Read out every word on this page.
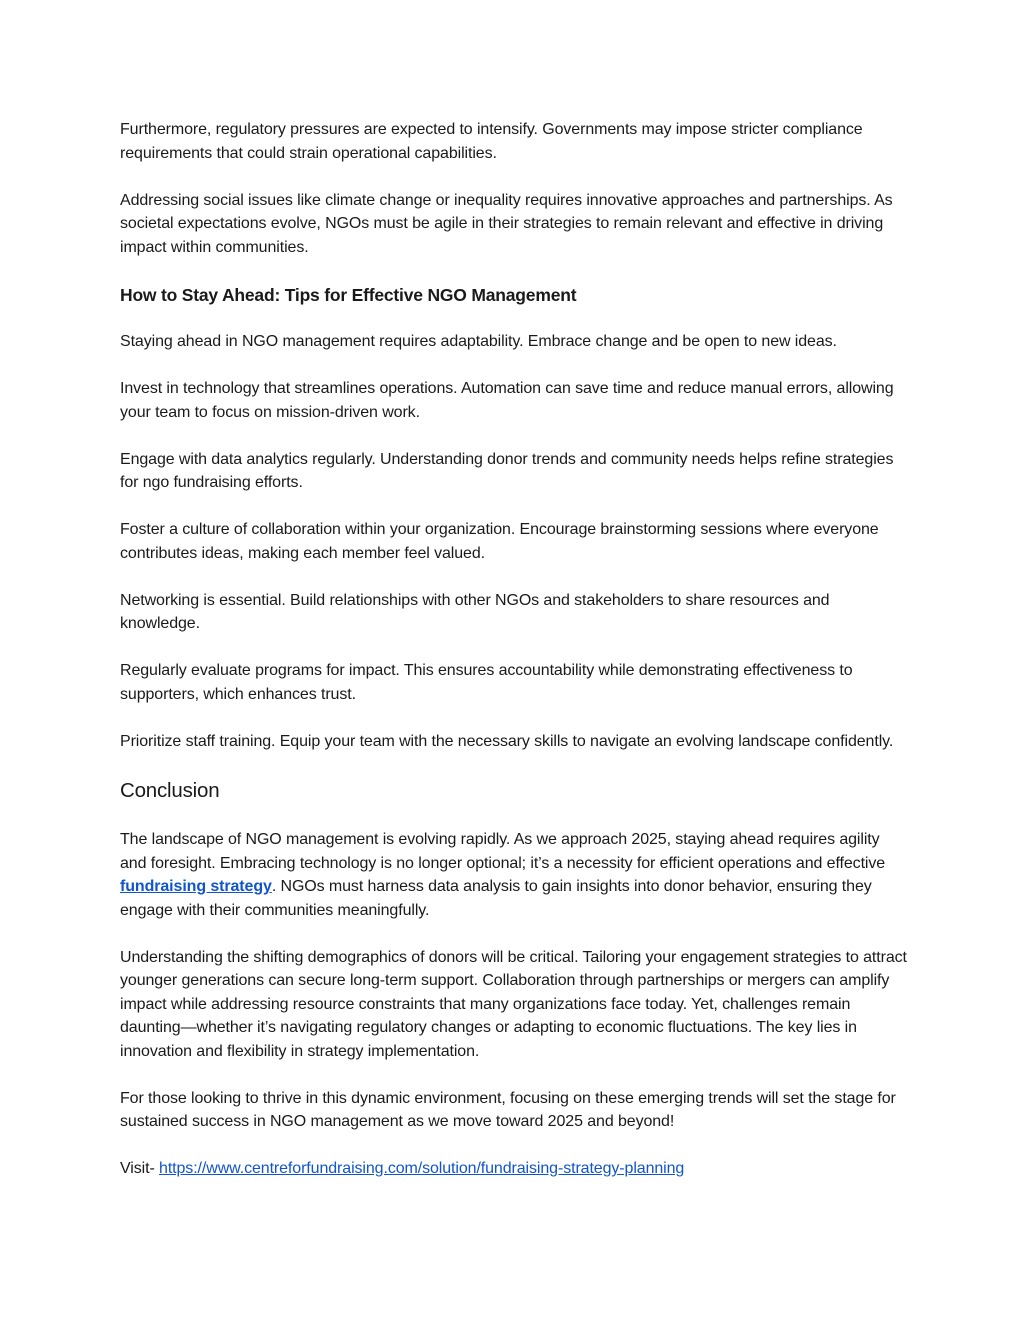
Furthermore, regulatory pressures are expected to intensify. Governments may impose stricter compliance requirements that could strain operational capabilities.

Addressing social issues like climate change or inequality requires innovative approaches and partnerships. As societal expectations evolve, NGOs must be agile in their strategies to remain relevant and effective in driving impact within communities.

How to Stay Ahead: Tips for Effective NGO Management

Staying ahead in NGO management requires adaptability. Embrace change and be open to new ideas.

Invest in technology that streamlines operations. Automation can save time and reduce manual errors, allowing your team to focus on mission-driven work.

Engage with data analytics regularly. Understanding donor trends and community needs helps refine strategies for ngo fundraising efforts.

Foster a culture of collaboration within your organization. Encourage brainstorming sessions where everyone contributes ideas, making each member feel valued.

Networking is essential. Build relationships with other NGOs and stakeholders to share resources and knowledge.

Regularly evaluate programs for impact. This ensures accountability while demonstrating effectiveness to supporters, which enhances trust.

Prioritize staff training. Equip your team with the necessary skills to navigate an evolving landscape confidently.

Conclusion

The landscape of NGO management is evolving rapidly. As we approach 2025, staying ahead requires agility and foresight. Embracing technology is no longer optional; it’s a necessity for efficient operations and effective fundraising strategy. NGOs must harness data analysis to gain insights into donor behavior, ensuring they engage with their communities meaningfully.

Understanding the shifting demographics of donors will be critical. Tailoring your engagement strategies to attract younger generations can secure long-term support. Collaboration through partnerships or mergers can amplify impact while addressing resource constraints that many organizations face today. Yet, challenges remain daunting—whether it’s navigating regulatory changes or adapting to economic fluctuations. The key lies in innovation and flexibility in strategy implementation.

For those looking to thrive in this dynamic environment, focusing on these emerging trends will set the stage for sustained success in NGO management as we move toward 2025 and beyond!

Visit- https://www.centreforfundraising.com/solution/fundraising-strategy-planning
